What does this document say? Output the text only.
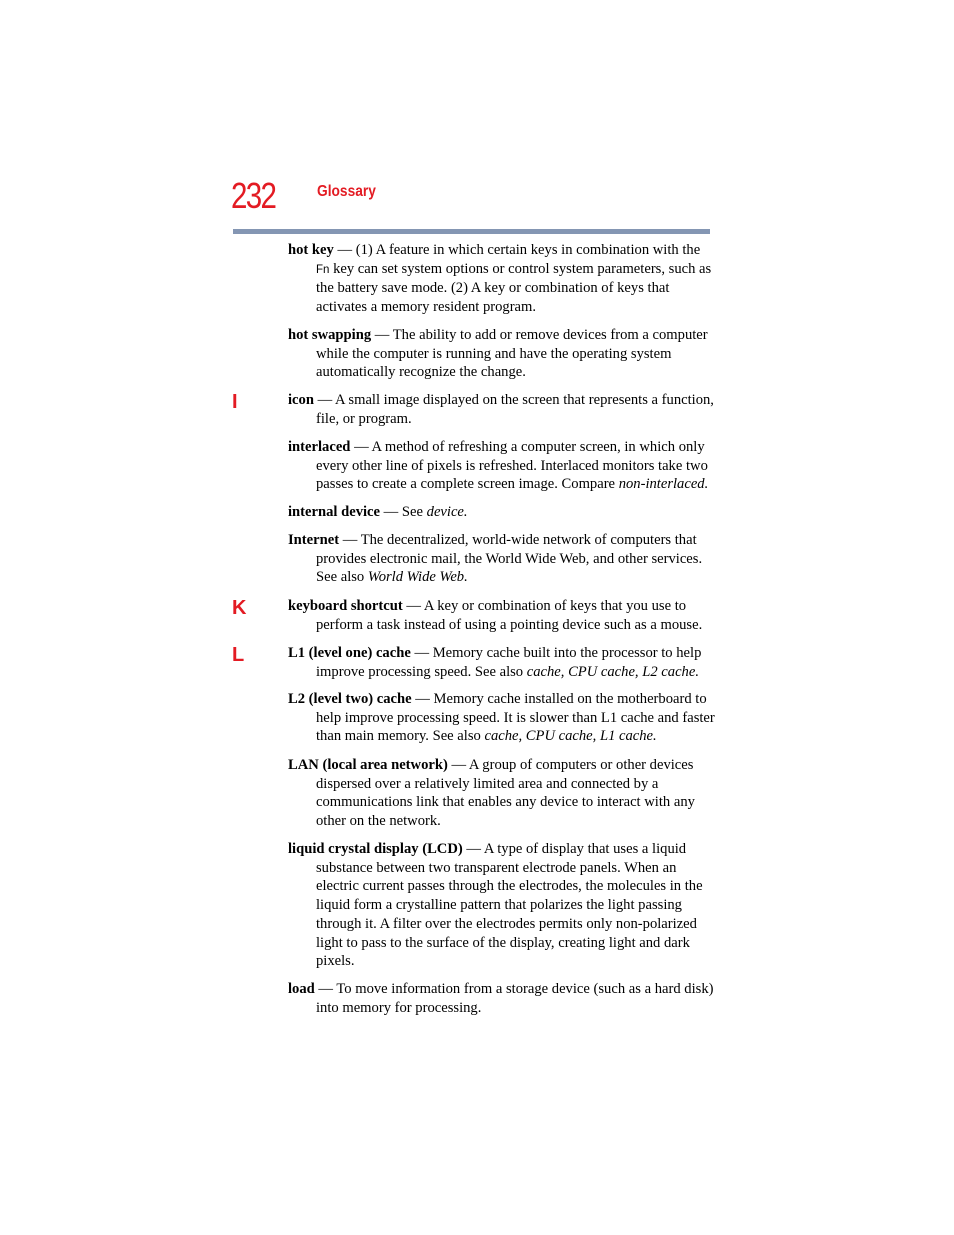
232	Glossary
I
K
L
hot key — (1) A feature in which certain keys in combination with the
Fn key can set system options or control system parameters, such as
the battery save mode. (2) A key or combination of keys that
activates a memory resident program.
hot swapping — The ability to add or remove devices from a computer
while the computer is running and have the operating system
automatically recognize the change.
icon — A small image displayed on the screen that represents a function,
file, or program.
interlaced — A method of refreshing a computer screen, in which only
every other line of pixels is refreshed. Interlaced monitors take two
passes to create a complete screen image. Compare non-interlaced.
internal device — See device.
Internet — The decentralized, world-wide network of computers that
provides electronic mail, the World Wide Web, and other services.
See also World Wide Web.
keyboard shortcut — A key or combination of keys that you use to
perform a task instead of using a pointing device such as a mouse.
L1 (level one) cache — Memory cache built into the processor to help
improve processing speed. See also cache, CPU cache, L2 cache.
L2 (level two) cache — Memory cache installed on the motherboard to
help improve processing speed. It is slower than L1 cache and faster
than main memory. See also cache, CPU cache, L1 cache.
LAN (local area network) — A group of computers or other devices
dispersed over a relatively limited area and connected by a
communications link that enables any device to interact with any
other on the network.
liquid crystal display (LCD) — A type of display that uses a liquid
substance between two transparent electrode panels. When an
electric current passes through the electrodes, the molecules in the
liquid form a crystalline pattern that polarizes the light passing
through it. A filter over the electrodes permits only non-polarized
light to pass to the surface of the display, creating light and dark
pixels.
load — To move information from a storage device (such as a hard disk)
into memory for processing.
